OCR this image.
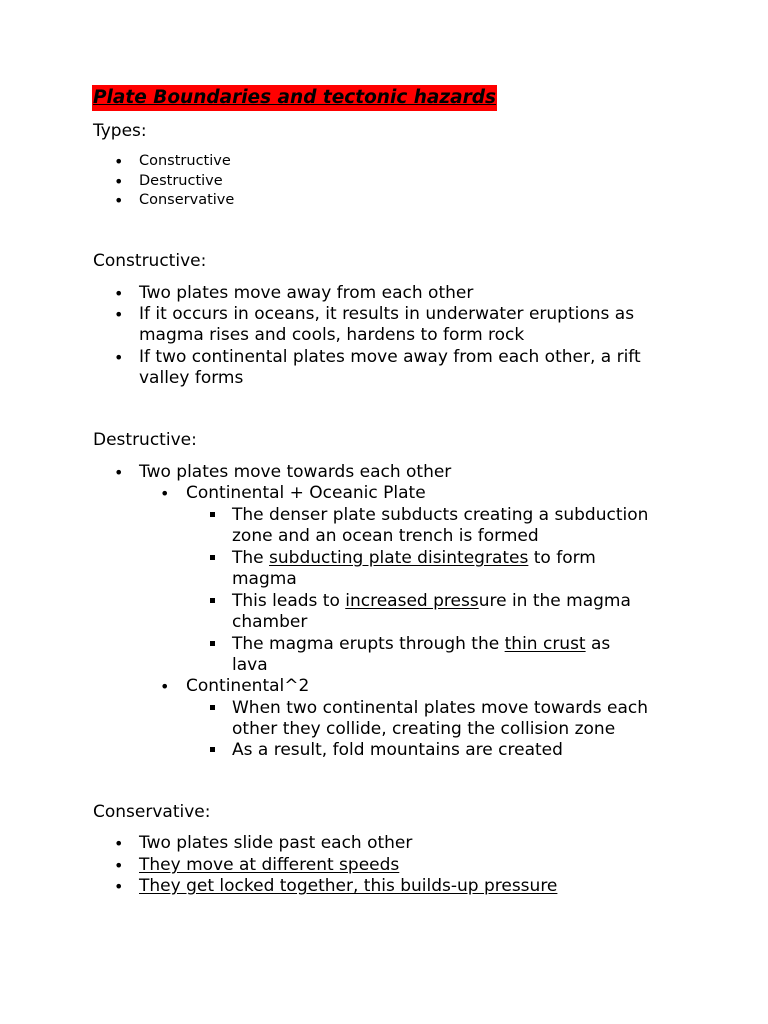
Plate Boundaries and tectonic hazards
Types:
• Constructive
• Destructive
• Conservative
Constructive:
• Two plates move away from each other
• If it occurs in oceans, it results in underwater eruptions as
magma rises and cools, hardens to form rock
• If two continental plates move away from each other, a rift
valley forms
Destructive:
• Two plates move towards each other
• Continental + Oceanic Plate
The denser plate subducts creating a subduction
zone and an ocean trench is formed
The subducting plate disintegrates to form
magma
This leads to increased pressure in the magma
chamber
The magma erupts through the thin crust as
lava
• Continental^2
When two continental plates move towards each
other they collide, creating the collision zone
As a result, fold mountains are created
Conservative:
• Two plates slide past each other
• They move at different speeds
• They get locked together, this builds-up pressure
